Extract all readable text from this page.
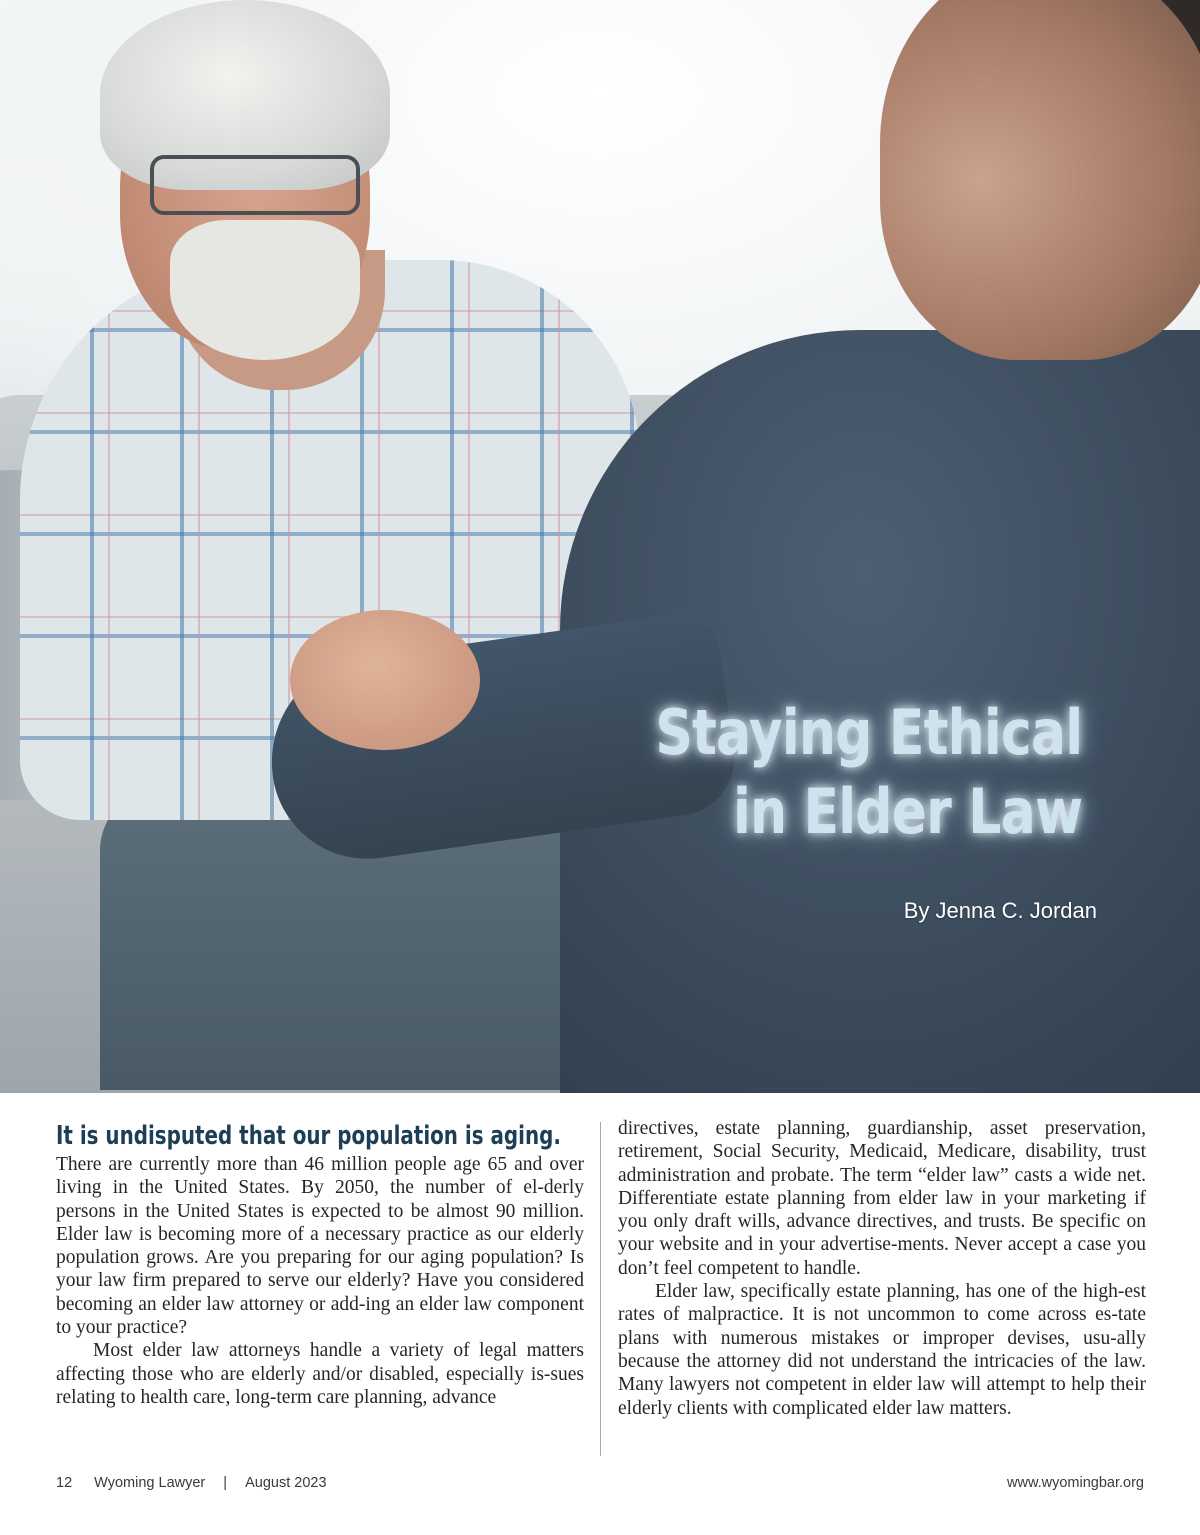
Staying Ethical
in Elder Law
By Jenna C. Jordan
It is undisputed that our population is aging.

There are currently more than 46 million people age 65 and over living in the United States. By 2050, the number of el-derly persons in the United States is expected to be almost 90 million. Elder law is becoming more of a necessary practice as our elderly population grows. Are you preparing for our aging population? Is your law firm prepared to serve our elderly? Have you considered becoming an elder law attorney or add-ing an elder law component to your practice?

Most elder law attorneys handle a variety of legal matters affecting those who are elderly and/or disabled, especially is-sues relating to health care, long-term care planning, advance

directives, estate planning, guardianship, asset preservation, retirement, Social Security, Medicaid, Medicare, disability, trust administration and probate. The term “elder law” casts a wide net. Differentiate estate planning from elder law in your marketing if you only draft wills, advance directives, and trusts. Be specific on your website and in your advertise-ments. Never accept a case you don’t feel competent to handle.

Elder law, specifically estate planning, has one of the high-est rates of malpractice. It is not uncommon to come across es-tate plans with numerous mistakes or improper devises, usu-ally because the attorney did not understand the intricacies of the law. Many lawyers not competent in elder law will attempt to help their elderly clients with complicated elder law matters.

12 Wyoming Lawyer | August 2023	www.wyomingbar.org
